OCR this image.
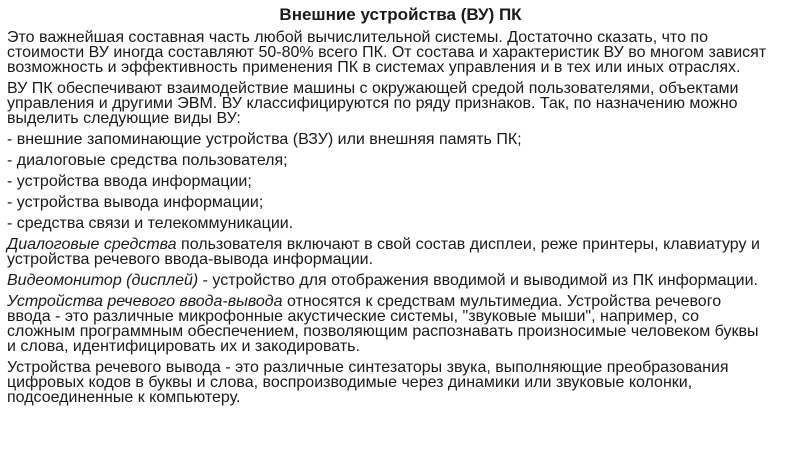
Внешние устройства (ВУ) ПК
Это важнейшая составная часть любой вычислительной системы. Достаточно сказать, что по
стоимости ВУ иногда составляют 50-80% всего ПК. От состава и характеристик ВУ во многом зависят
возможность и эффективность применения ПК в системах управления и в тех или иных отраслях.
ВУ ПК обеспечивают взаимодействие машины с окружающей средой пользователями, объектами
управления и другими ЭВМ. ВУ классифицируются по ряду признаков. Так, по назначению можно
выделить следующие виды ВУ:
- внешние запоминающие устройства (ВЗУ) или внешняя память ПК;
- диалоговые средства пользователя;
- устройства ввода информации;
- устройства вывода информации;
- средства связи и телекоммуникации.
Диалоговые средства пользователя включают в свой состав дисплеи, реже принтеры, клавиатуру и
устройства речевого ввода-вывода информации.
Видеомонитор (дисплей) - устройство для отображения вводимой и выводимой из ПК информации.
Устройства речевого ввода-вывода относятся к средствам мультимедиа. Устройства речевого
ввода - это различные микрофонные акустические системы, "звуковые мыши", например, со
сложным программным обеспечением, позволяющим распознавать произносимые человеком буквы
и слова, идентифицировать их и закодировать.
Устройства речевого вывода - это различные синтезаторы звука, выполняющие преобразования
цифровых кодов в буквы и слова, воспроизводимые через динамики или звуковые колонки,
подсоединенные к компьютеру.
